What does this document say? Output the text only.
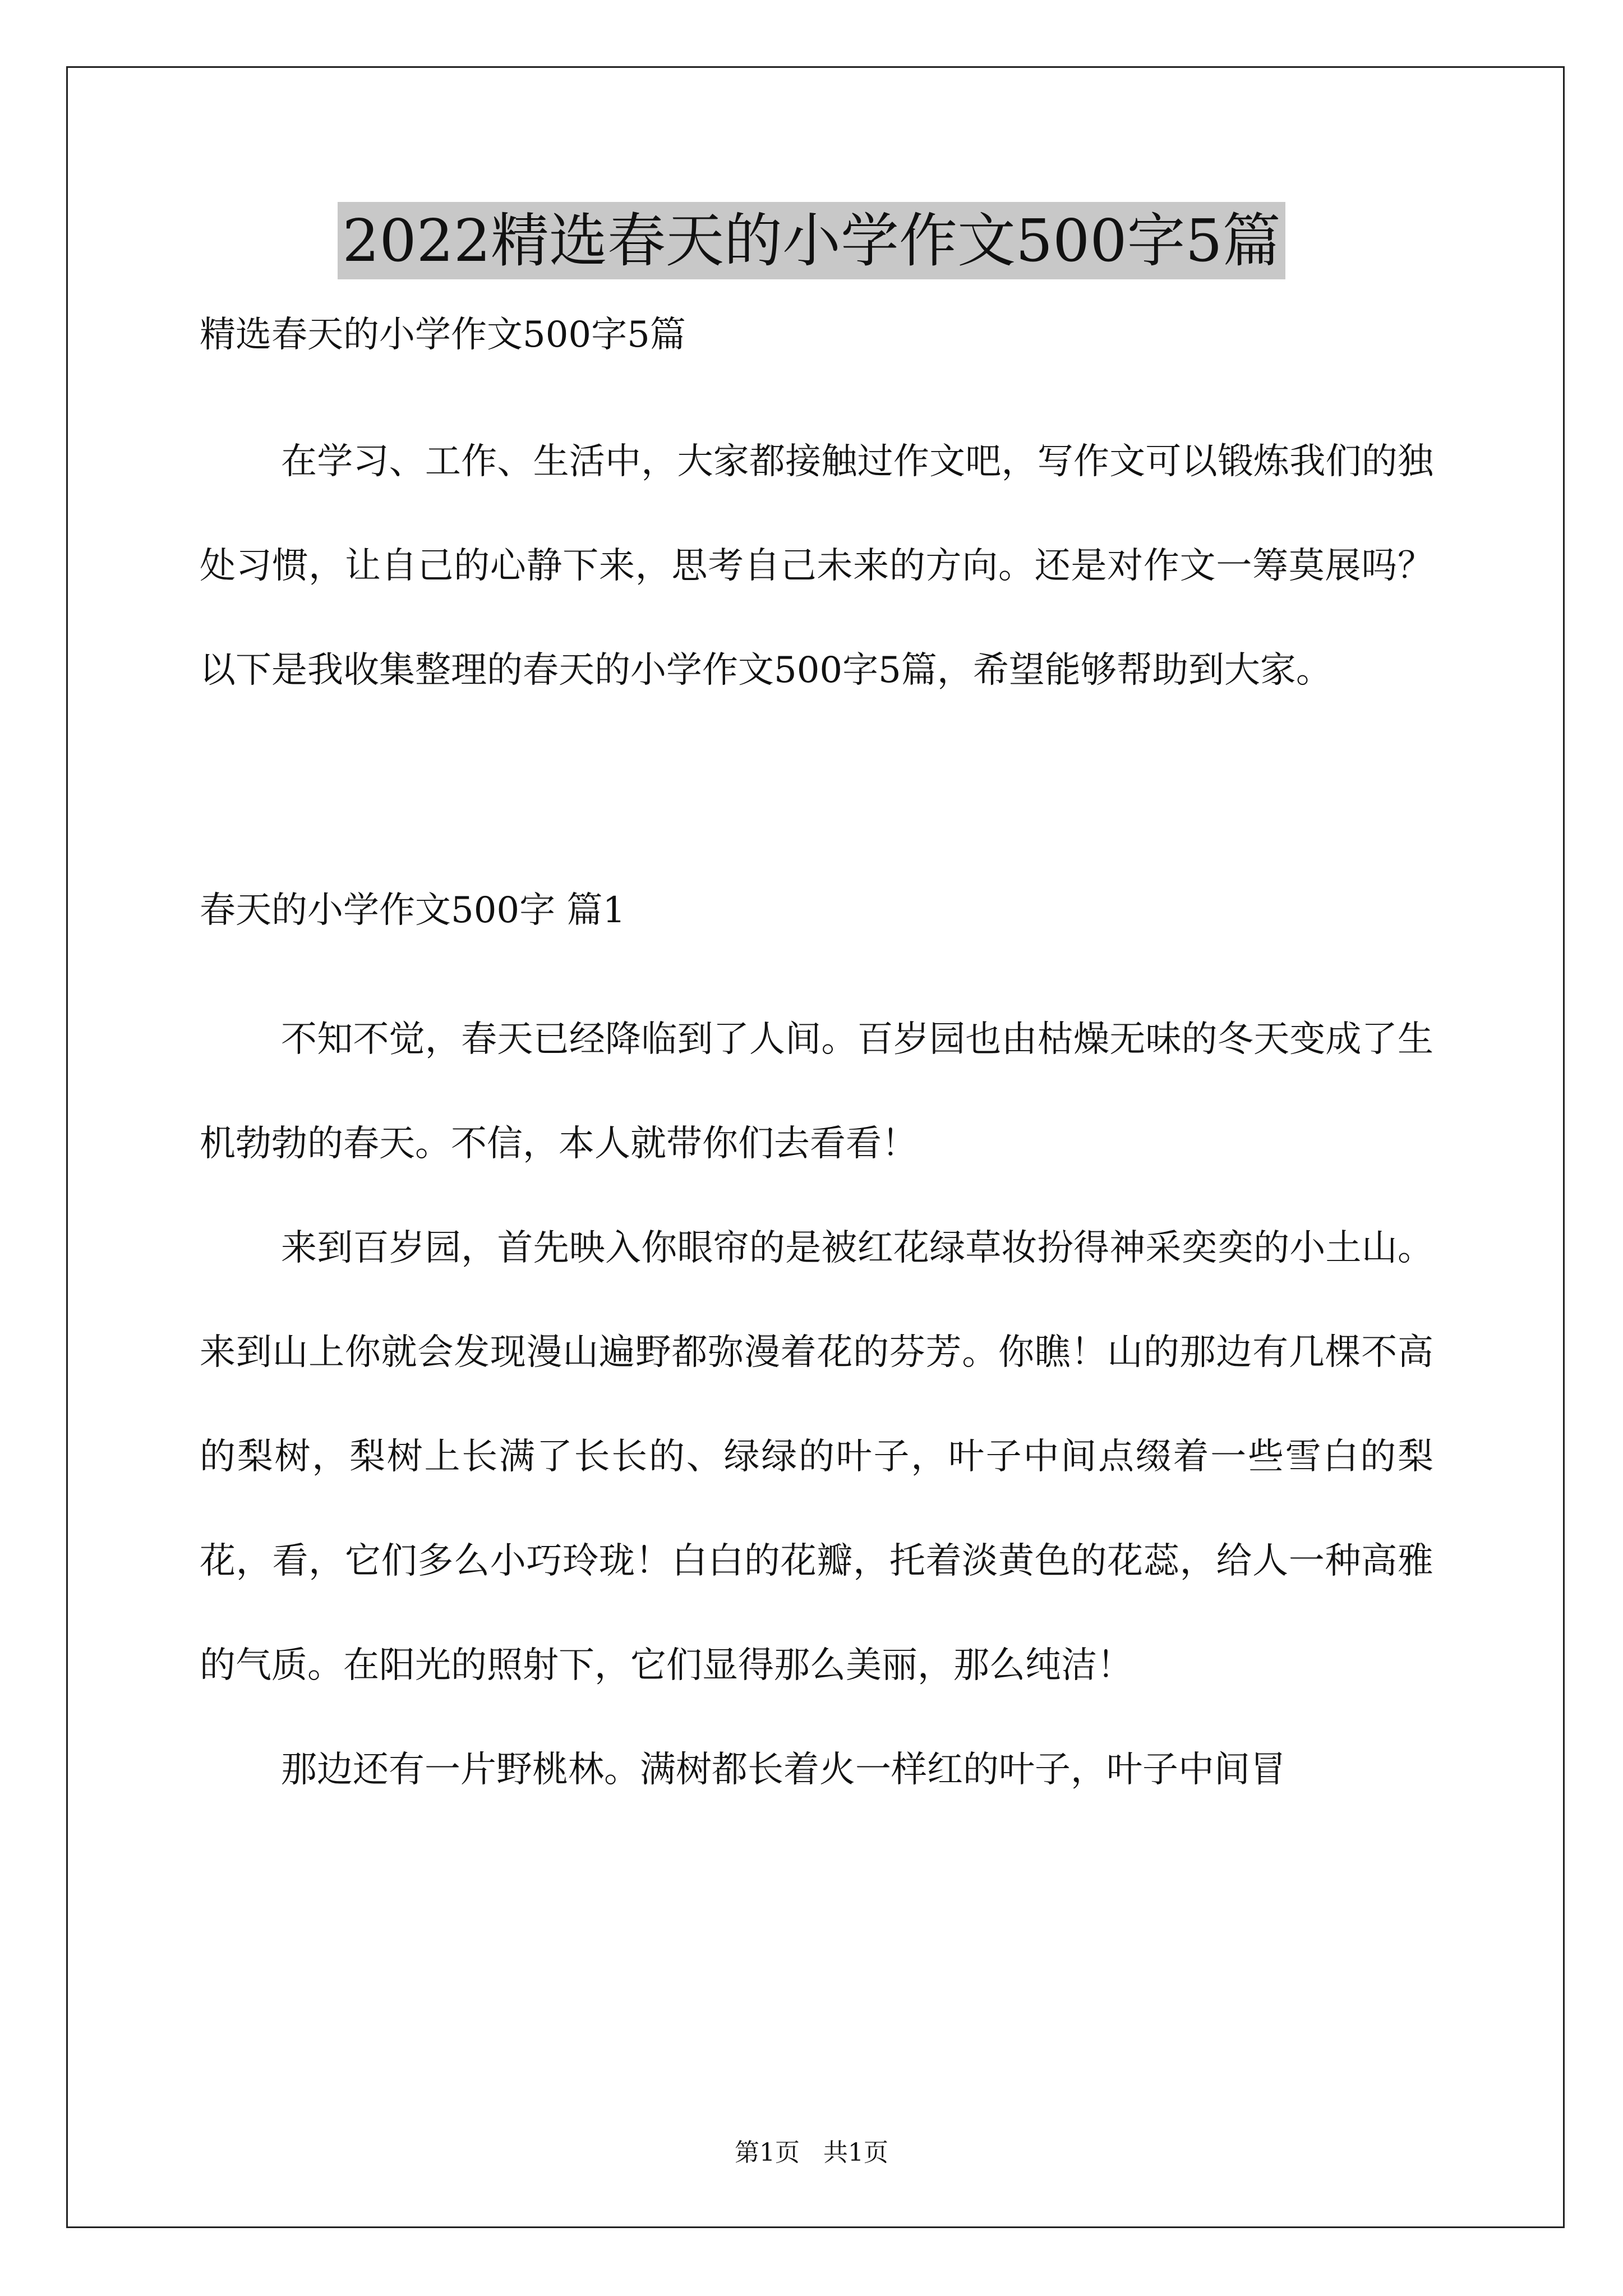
2022精选春天的小学作文500字5篇

精选春天的小学作文500字5篇

在学习、工作、生活中，大家都接触过作文吧，写作文可以锻炼我们的独处习惯，让自己的心静下来，思考自己未来的方向。还是对作文一筹莫展吗？以下是我收集整理的春天的小学作文500字5篇，希望能够帮助到大家。

春天的小学作文500字 篇1

不知不觉，春天已经降临到了人间。百岁园也由枯燥无味的冬天变成了生机勃勃的春天。不信，本人就带你们去看看！

来到百岁园，首先映入你眼帘的是被红花绿草妆扮得神采奕奕的小土山。来到山上你就会发现漫山遍野都弥漫着花的芬芳。你瞧！山的那边有几棵不高的梨树，梨树上长满了长长的、绿绿的叶子，叶子中间点缀着一些雪白的梨花，看，它们多么小巧玲珑！白白的花瓣，托着淡黄色的花蕊，给人一种高雅的气质。在阳光的照射下，它们显得那么美丽，那么纯洁！

那边还有一片野桃林。满树都长着火一样红的叶子，叶子中间冒

第1页   共1页
